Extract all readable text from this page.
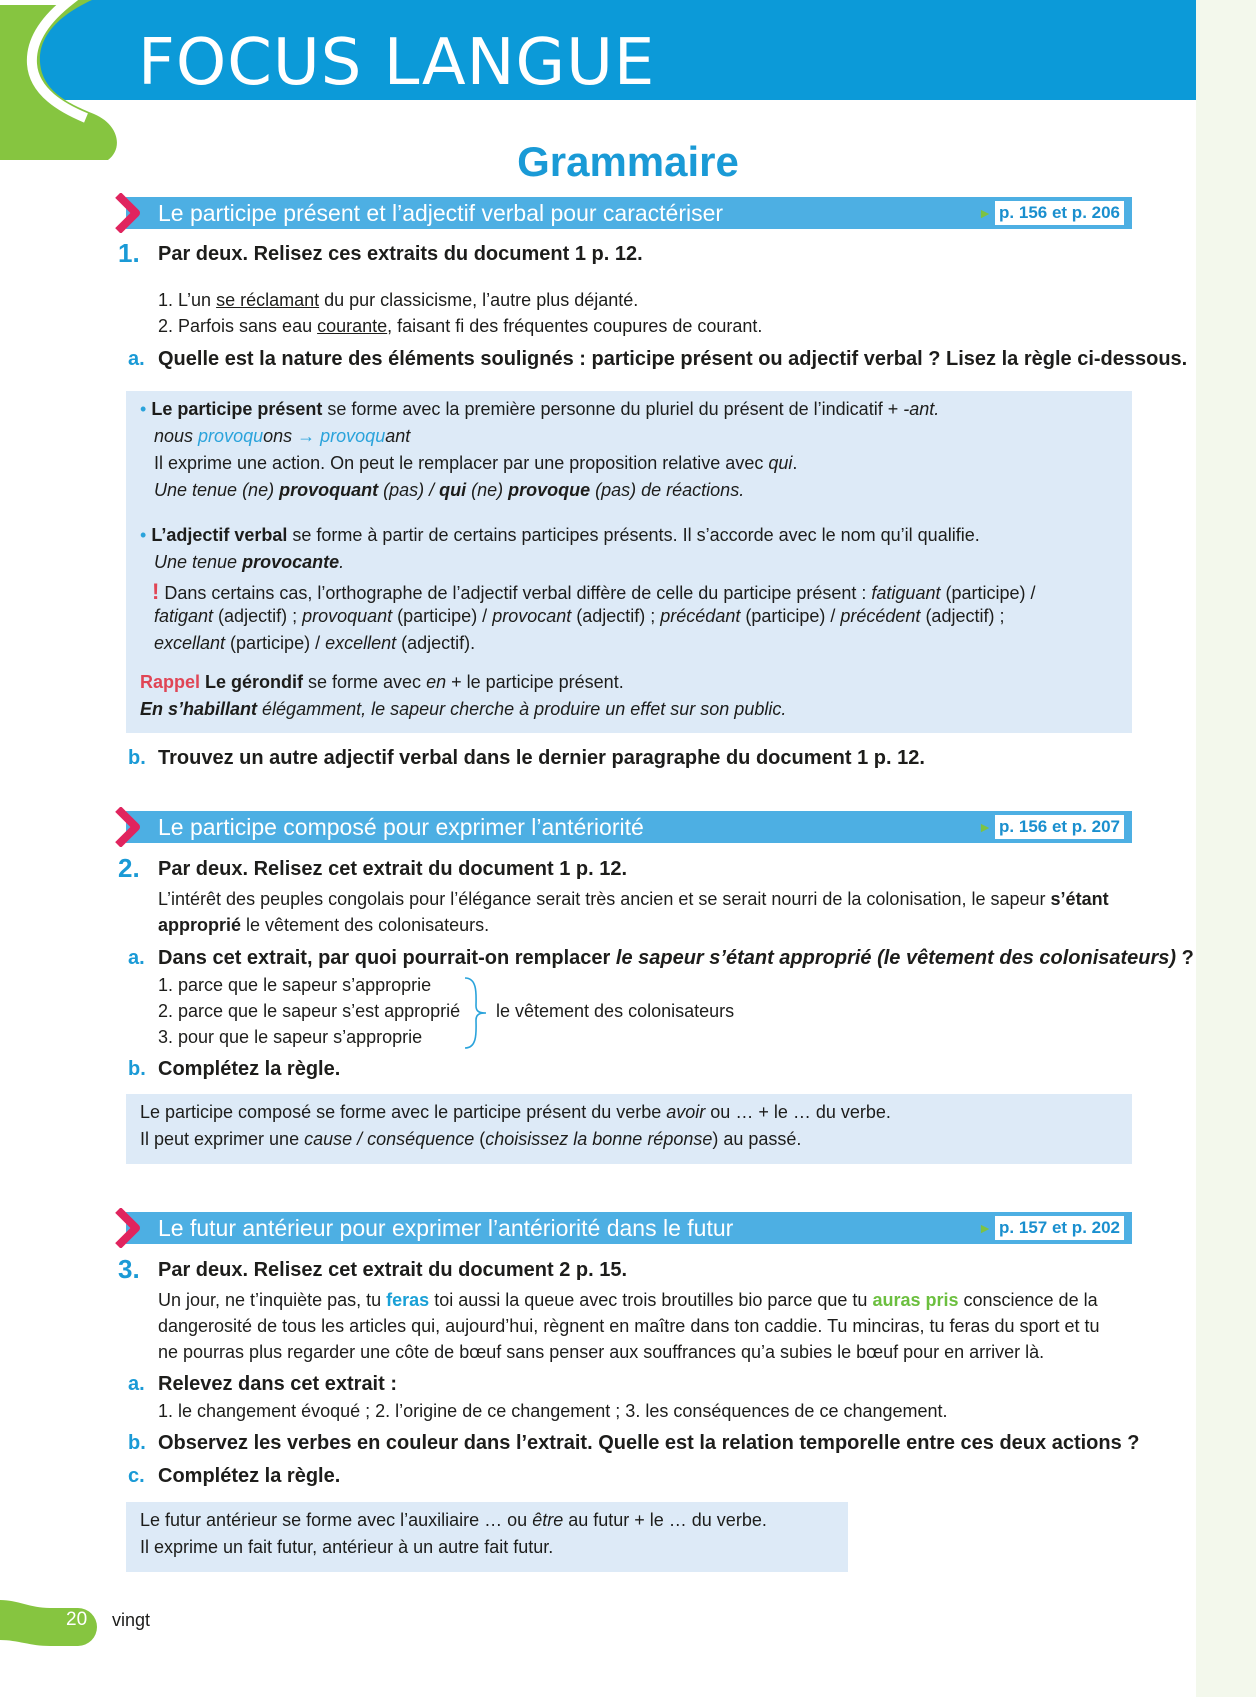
FOCUS LANGUE
Grammaire
Le participe présent et l’adjectif verbal pour caractériser	► p. 156 et p. 206
1. Par deux. Relisez ces extraits du document 1 p. 12.
1. L’un se réclamant du pur classicisme, l’autre plus déjanté.
2. Parfois sans eau courante, faisant fi des fréquentes coupures de courant.
a. Quelle est la nature des éléments soulignés : participe présent ou adjectif verbal ? Lisez la règle ci-dessous.
• Le participe présent se forme avec la première personne du pluriel du présent de l’indicatif + -ant.
nous provoquons → provoquant
Il exprime une action. On peut le remplacer par une proposition relative avec qui.
Une tenue (ne) provoquant (pas) / qui (ne) provoque (pas) de réactions.
• L’adjectif verbal se forme à partir de certains participes présents. Il s’accorde avec le nom qu’il qualifie.
Une tenue provocante.
! Dans certains cas, l’orthographe de l’adjectif verbal diffère de celle du participe présent : fatiguant (participe) /
fatigant (adjectif) ; provoquant (participe) / provocant (adjectif) ; précédant (participe) / précédent (adjectif) ;
excellant (participe) / excellent (adjectif).
Rappel Le gérondif se forme avec en + le participe présent.
En s’habillant élégamment, le sapeur cherche à produire un effet sur son public.
b. Trouvez un autre adjectif verbal dans le dernier paragraphe du document 1 p. 12.
Le participe composé pour exprimer l’antériorité	► p. 156 et p. 207
2. Par deux. Relisez cet extrait du document 1 p. 12.
L’intérêt des peuples congolais pour l’élégance serait très ancien et se serait nourri de la colonisation, le sapeur s’étant
approprié le vêtement des colonisateurs.
a. Dans cet extrait, par quoi pourrait-on remplacer le sapeur s’étant approprié (le vêtement des colonisateurs) ?
1. parce que le sapeur s’approprie
2. parce que le sapeur s’est approprié
3. pour que le sapeur s’approprie
le vêtement des colonisateurs
b. Complétez la règle.
Le participe composé se forme avec le participe présent du verbe avoir ou … + le … du verbe.
Il peut exprimer une cause / conséquence (choisissez la bonne réponse) au passé.
Le futur antérieur pour exprimer l’antériorité dans le futur	► p. 157 et p. 202
3. Par deux. Relisez cet extrait du document 2 p. 15.
Un jour, ne t’inquiète pas, tu feras toi aussi la queue avec trois broutilles bio parce que tu auras pris conscience de la
dangerosité de tous les articles qui, aujourd’hui, règnent en maître dans ton caddie. Tu minciras, tu feras du sport et tu
ne pourras plus regarder une côte de bœuf sans penser aux souffrances qu’a subies le bœuf pour en arriver là.
a. Relevez dans cet extrait :
1. le changement évoqué ; 2. l’origine de ce changement ; 3. les conséquences de ce changement.
b. Observez les verbes en couleur dans l’extrait. Quelle est la relation temporelle entre ces deux actions ?
c. Complétez la règle.
Le futur antérieur se forme avec l’auxiliaire … ou être au futur + le … du verbe.
Il exprime un fait futur, antérieur à un autre fait futur.
20 vingt
